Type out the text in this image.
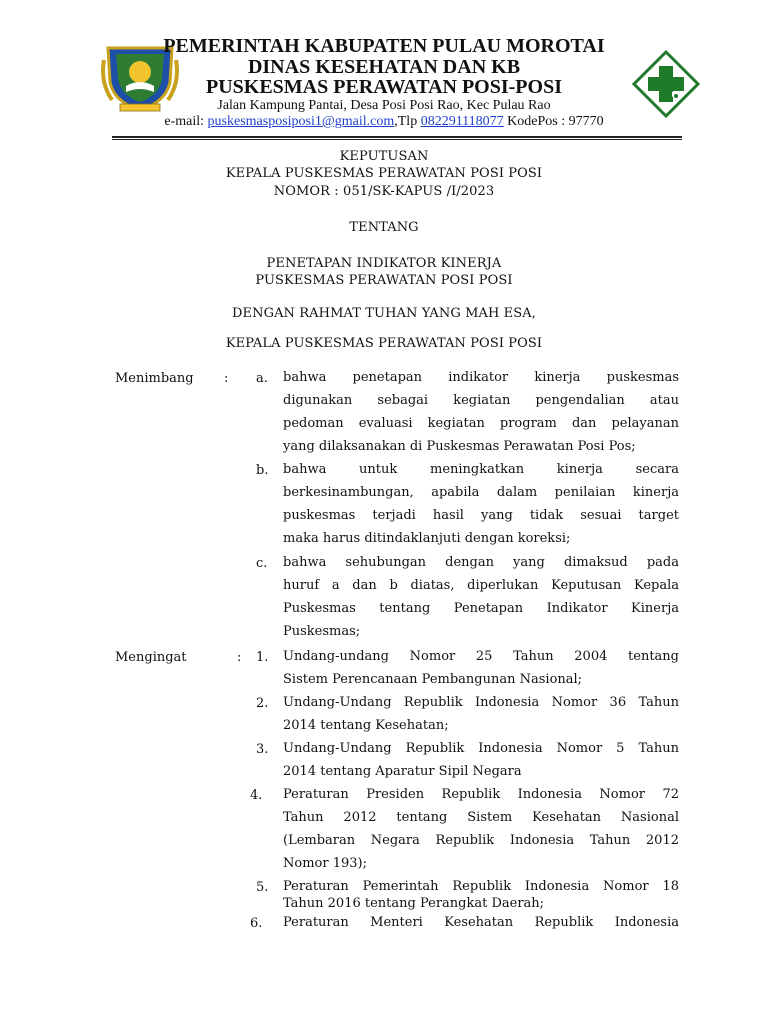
PEMERINTAH KABUPATEN PULAU MOROTAI
DINAS KESEHATAN DAN KB
PUSKESMAS PERAWATAN POSI-POSI
Jalan Kampung Pantai, Desa Posi Posi Rao, Kec Pulau Rao
e-mail: puskesmasposiposi1@gmail.com,Tlp 082291118077 KodePos : 97770
KEPUTUSAN
KEPALA PUSKESMAS PERAWATAN POSI POSI
NOMOR : 051/SK-KAPUS /I/2023
TENTANG
PENETAPAN INDIKATOR KINERJA
PUSKESMAS PERAWATAN POSI POSI
DENGAN RAHMAT TUHAN YANG MAH ESA,
KEPALA PUSKESMAS PERAWATAN POSI POSI
Menimbang : a. bahwa penetapan indikator kinerja puskesmas
digunakan sebagai kegiatan pengendalian atau
pedoman evaluasi kegiatan program dan pelayanan
yang dilaksanakan di Puskesmas Perawatan Posi Pos;
b. bahwa untuk meningkatkan kinerja secara
berkesinambungan, apabila dalam penilaian kinerja
puskesmas terjadi hasil yang tidak sesuai target
maka harus ditindaklanjuti dengan koreksi;
c. bahwa sehubungan dengan yang dimaksud pada
huruf a dan b diatas, diperlukan Keputusan Kepala
Puskesmas tentang Penetapan Indikator Kinerja
Puskesmas;
Mengingat	: 1. Undang-undang Nomor 25 Tahun 2004 tentang
Sistem Perencanaan Pembangunan Nasional;
2. Undang-Undang Republik Indonesia Nomor 36 Tahun
2014 tentang Kesehatan;
3. Undang-Undang Republik Indonesia Nomor 5 Tahun
2014 tentang Aparatur Sipil Negara
4. Peraturan Presiden Republik Indonesia Nomor 72
Tahun 2012 tentang Sistem Kesehatan Nasional
(Lembaran Negara Republik Indonesia Tahun 2012
Nomor 193);
5. Peraturan Pemerintah Republik Indonesia Nomor 18
Tahun 2016 tentang Perangkat Daerah;
6. Peraturan Menteri Kesehatan Republik Indonesia
